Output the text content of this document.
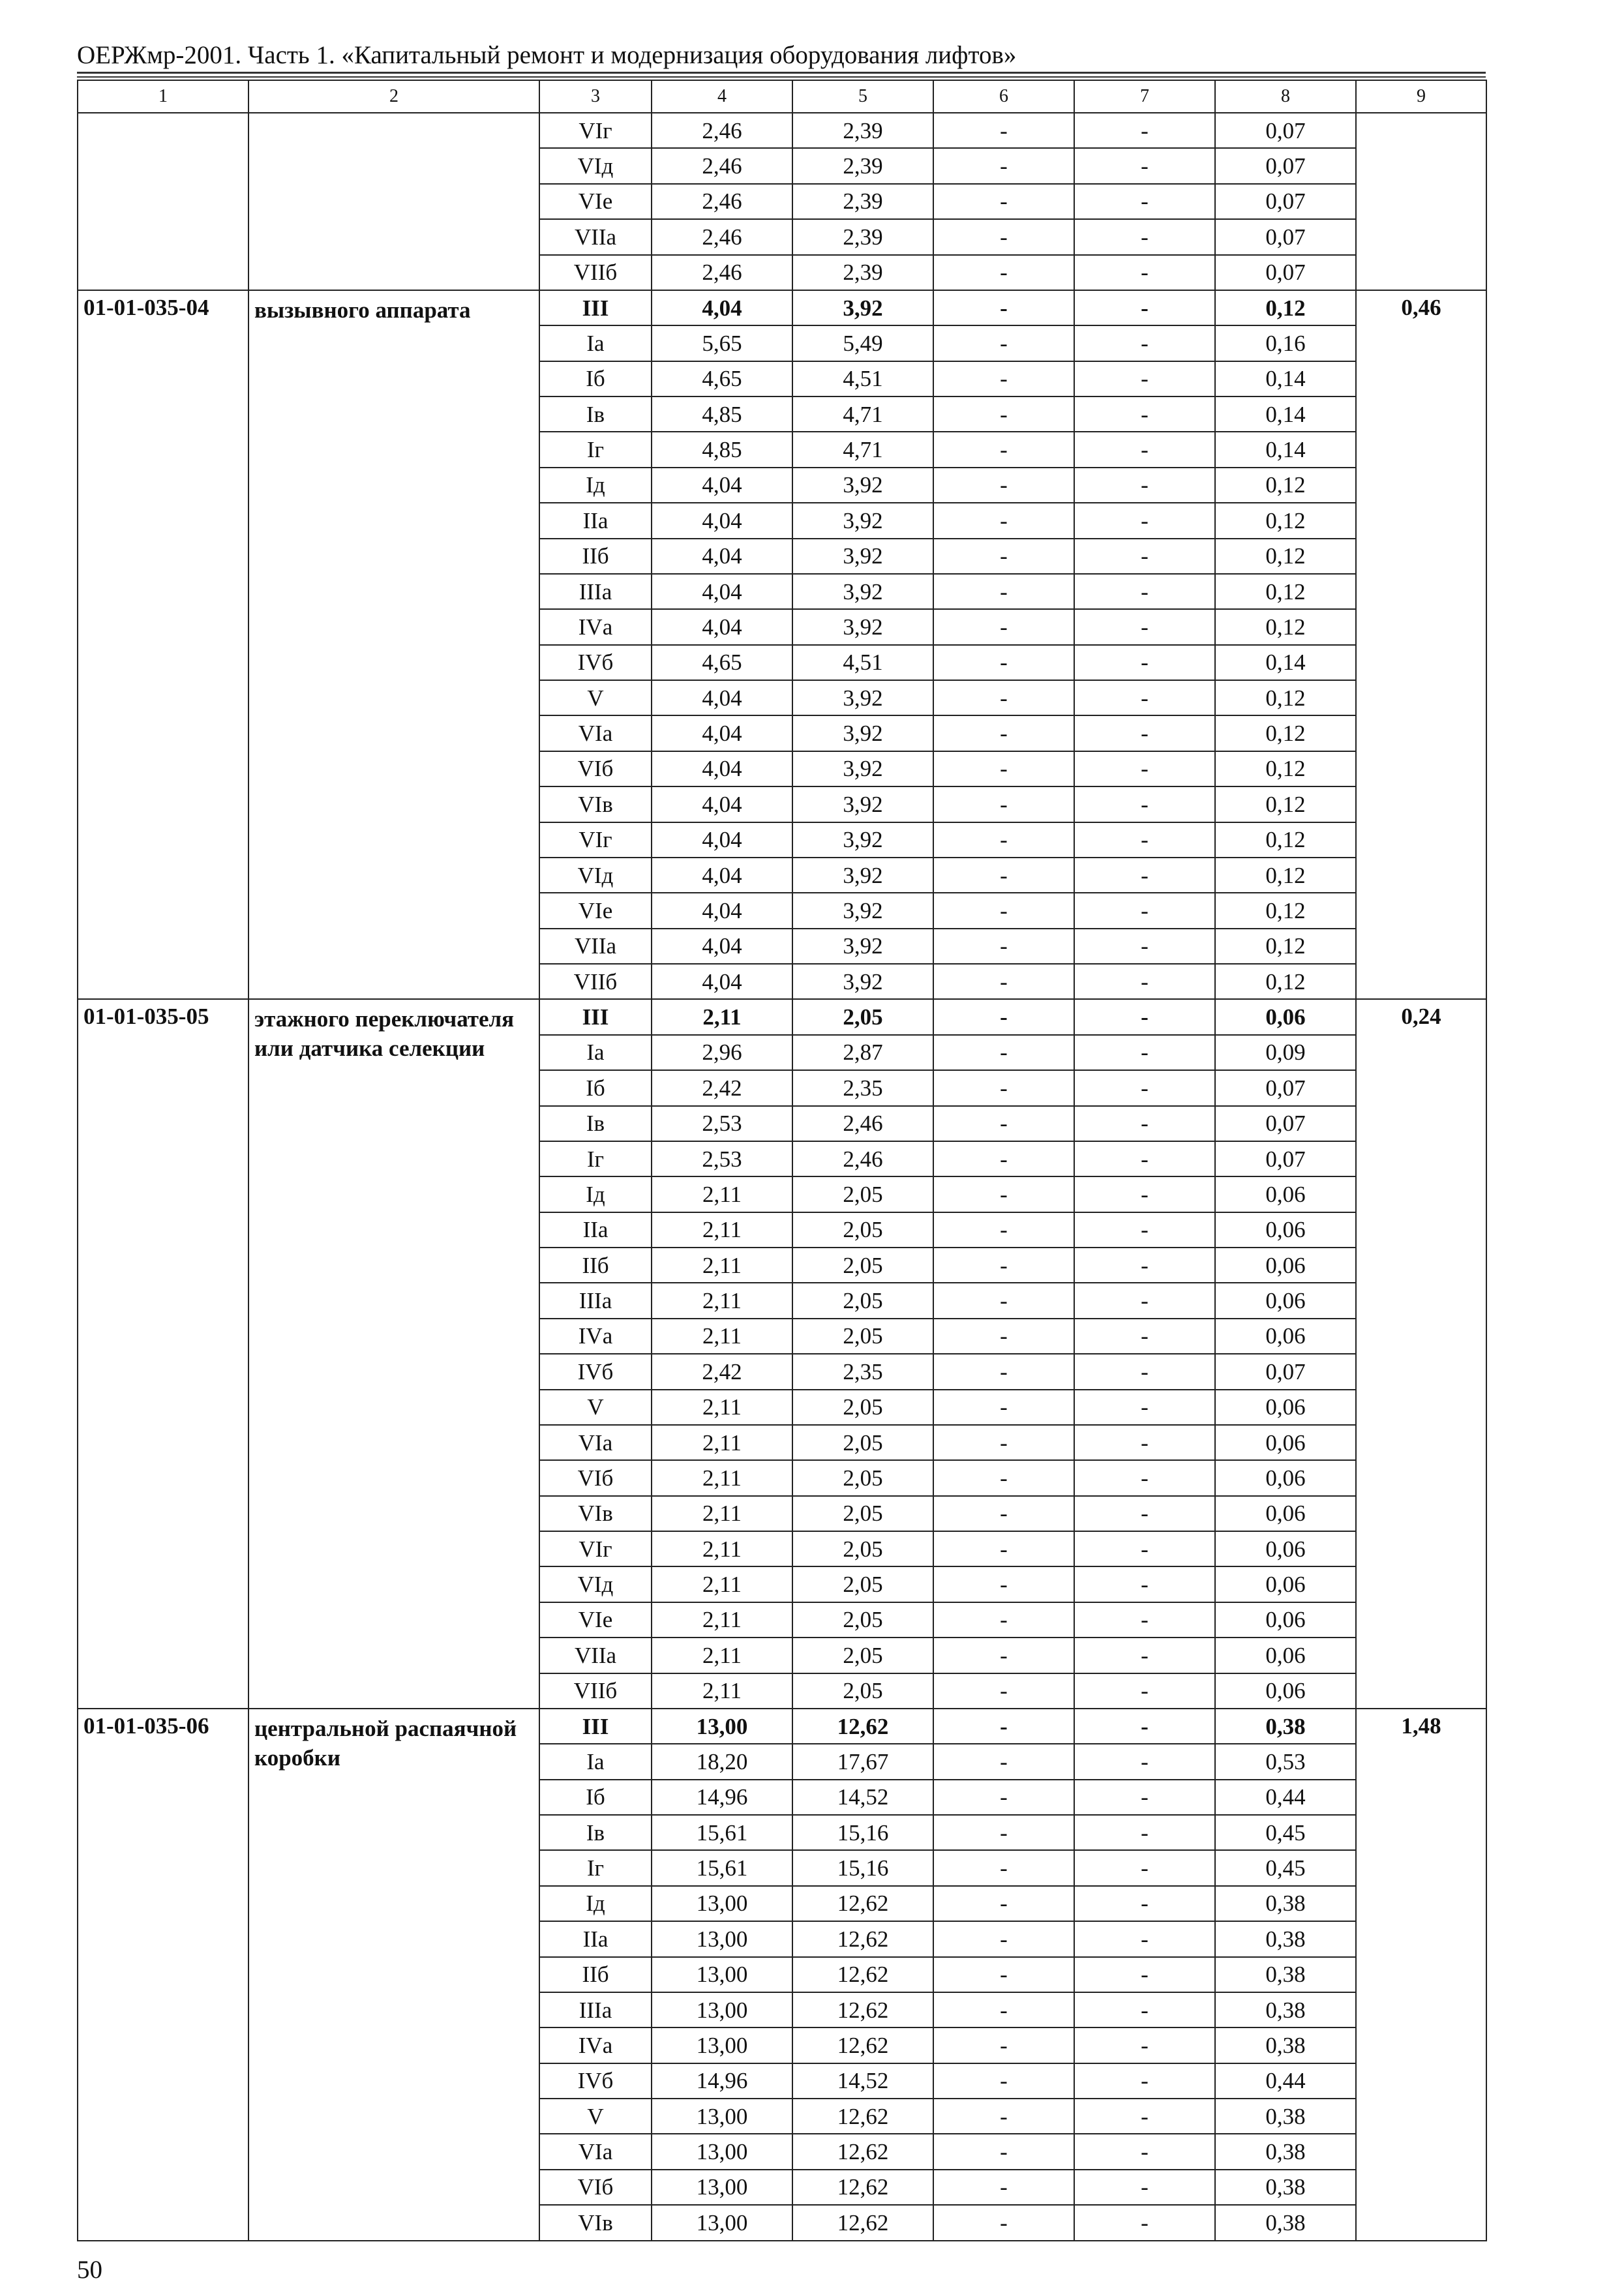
ОЕРЖмр-2001. Часть 1. «Капитальный ремонт и модернизация оборудования лифтов»
1	2	3	4	5	6	7	8	9
		VIг	2,46	2,39	-	-	0,07	
		VIд	2,46	2,39	-	-	0,07	
		VIе	2,46	2,39	-	-	0,07	
		VIIа	2,46	2,39	-	-	0,07	
		VIIб	2,46	2,39	-	-	0,07	
01-01-035-04	вызывного аппарата	III	4,04	3,92	-	-	0,12	0,46
		Iа	5,65	5,49	-	-	0,16	
		Iб	4,65	4,51	-	-	0,14	
		Iв	4,85	4,71	-	-	0,14	
		Iг	4,85	4,71	-	-	0,14	
		Iд	4,04	3,92	-	-	0,12	
		IIа	4,04	3,92	-	-	0,12	
		IIб	4,04	3,92	-	-	0,12	
		IIIа	4,04	3,92	-	-	0,12	
		IVа	4,04	3,92	-	-	0,12	
		IVб	4,65	4,51	-	-	0,14	
		V	4,04	3,92	-	-	0,12	
		VIа	4,04	3,92	-	-	0,12	
		VIб	4,04	3,92	-	-	0,12	
		VIв	4,04	3,92	-	-	0,12	
		VIг	4,04	3,92	-	-	0,12	
		VIд	4,04	3,92	-	-	0,12	
		VIе	4,04	3,92	-	-	0,12	
		VIIа	4,04	3,92	-	-	0,12	
		VIIб	4,04	3,92	-	-	0,12	
01-01-035-05	этажного переключателя или датчика селекции	III	2,11	2,05	-	-	0,06	0,24
		Iа	2,96	2,87	-	-	0,09	
		Iб	2,42	2,35	-	-	0,07	
		Iв	2,53	2,46	-	-	0,07	
		Iг	2,53	2,46	-	-	0,07	
		Iд	2,11	2,05	-	-	0,06	
		IIа	2,11	2,05	-	-	0,06	
		IIб	2,11	2,05	-	-	0,06	
		IIIа	2,11	2,05	-	-	0,06	
		IVа	2,11	2,05	-	-	0,06	
		IVб	2,42	2,35	-	-	0,07	
		V	2,11	2,05	-	-	0,06	
		VIа	2,11	2,05	-	-	0,06	
		VIб	2,11	2,05	-	-	0,06	
		VIв	2,11	2,05	-	-	0,06	
		VIг	2,11	2,05	-	-	0,06	
		VIд	2,11	2,05	-	-	0,06	
		VIе	2,11	2,05	-	-	0,06	
		VIIа	2,11	2,05	-	-	0,06	
		VIIб	2,11	2,05	-	-	0,06	
01-01-035-06	центральной распаячной коробки	III	13,00	12,62	-	-	0,38	1,48
		Iа	18,20	17,67	-	-	0,53	
		Iб	14,96	14,52	-	-	0,44	
		Iв	15,61	15,16	-	-	0,45	
		Iг	15,61	15,16	-	-	0,45	
		Iд	13,00	12,62	-	-	0,38	
		IIа	13,00	12,62	-	-	0,38	
		IIб	13,00	12,62	-	-	0,38	
		IIIа	13,00	12,62	-	-	0,38	
		IVа	13,00	12,62	-	-	0,38	
		IVб	14,96	14,52	-	-	0,44	
		V	13,00	12,62	-	-	0,38	
		VIа	13,00	12,62	-	-	0,38	
		VIб	13,00	12,62	-	-	0,38	
		VIв	13,00	12,62	-	-	0,38	
50
